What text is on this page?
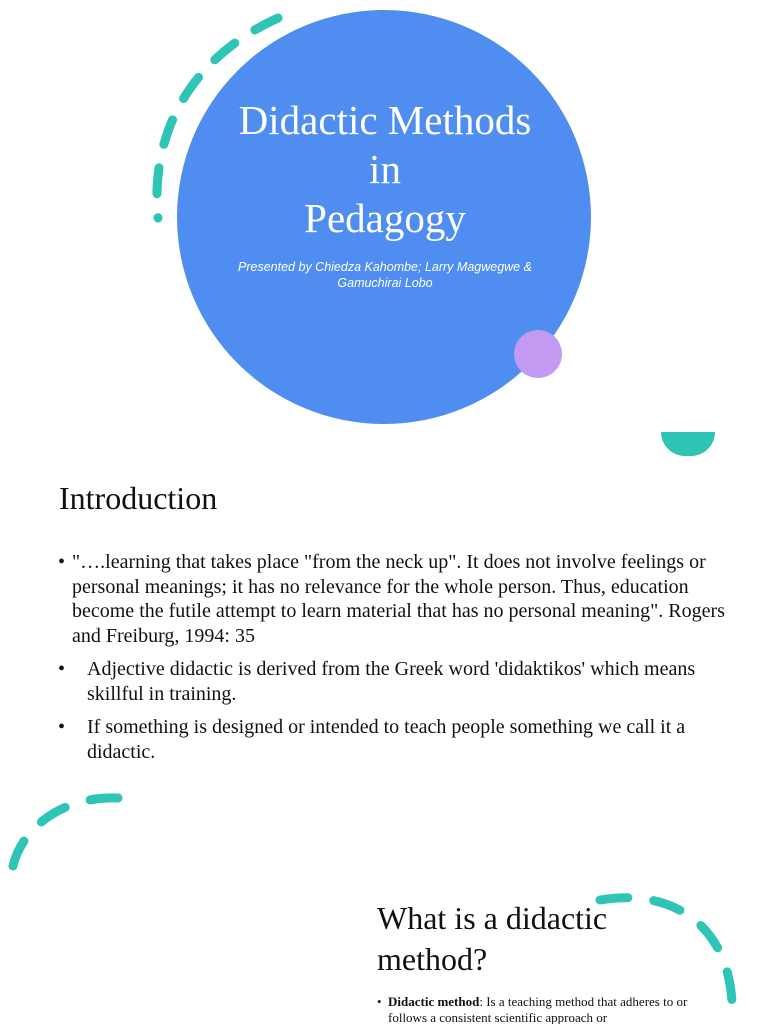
Didactic Methods
in
Pedagogy
Presented by Chiedza Kahombe; Larry Magwegwe & Gamuchirai Lobo
Introduction
• "….learning that takes place "from the neck up". It does not involve feelings or personal meanings; it has no relevance for the whole person. Thus, education become the futile attempt to learn material that has no personal meaning". Rogers and Freiburg, 1994: 35
• Adjective didactic is derived from the Greek word 'didaktikos' which means skillful in training.
• If something is designed or intended to teach people something we call it a didactic.
What is a didactic
method?
• Didactic method: Is a teaching method that adheres to or follows a consistent scientific approach or
